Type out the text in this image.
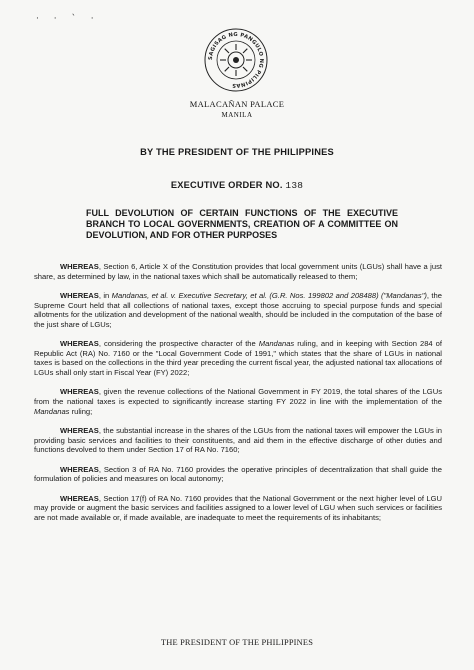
· · ˋ ·
SAGISAG NG PANGULO NG PILIPINAS
MALACAÑAN PALACE
MANILA
BY THE PRESIDENT OF THE PHILIPPINES
EXECUTIVE ORDER NO. 138
FULL DEVOLUTION OF CERTAIN FUNCTIONS OF THE EXECUTIVE BRANCH TO LOCAL GOVERNMENTS, CREATION OF A COMMITTEE ON DEVOLUTION, AND FOR OTHER PURPOSES

WHEREAS, Section 6, Article X of the Constitution provides that local government units (LGUs) shall have a just share, as determined by law, in the national taxes which shall be automatically released to them;

WHEREAS, in Mandanas, et al. v. Executive Secretary, et al. (G.R. Nos. 199802 and 208488) ("Mandanas"), the Supreme Court held that all collections of national taxes, except those accruing to special purpose funds and special allotments for the utilization and development of the national wealth, should be included in the computation of the base of the just share of LGUs;

WHEREAS, considering the prospective character of the Mandanas ruling, and in keeping with Section 284 of Republic Act (RA) No. 7160 or the "Local Government Code of 1991," which states that the share of LGUs in national taxes is based on the collections in the third year preceding the current fiscal year, the adjusted national tax allocations of LGUs shall only start in Fiscal Year (FY) 2022;

WHEREAS, given the revenue collections of the National Government in FY 2019, the total shares of the LGUs from the national taxes is expected to significantly increase starting FY 2022 in line with the implementation of the Mandanas ruling;

WHEREAS, the substantial increase in the shares of the LGUs from the national taxes will empower the LGUs in providing basic services and facilities to their constituents, and aid them in the effective discharge of other duties and functions devolved to them under Section 17 of RA No. 7160;

WHEREAS, Section 3 of RA No. 7160 provides the operative principles of decentralization that shall guide the formulation of policies and measures on local autonomy;

WHEREAS, Section 17(f) of RA No. 7160 provides that the National Government or the next higher level of LGU may provide or augment the basic services and facilities assigned to a lower level of LGU when such services or facilities are not made available or, if made available, are inadequate to meet the requirements of its inhabitants;

THE PRESIDENT OF THE PHILIPPINES
